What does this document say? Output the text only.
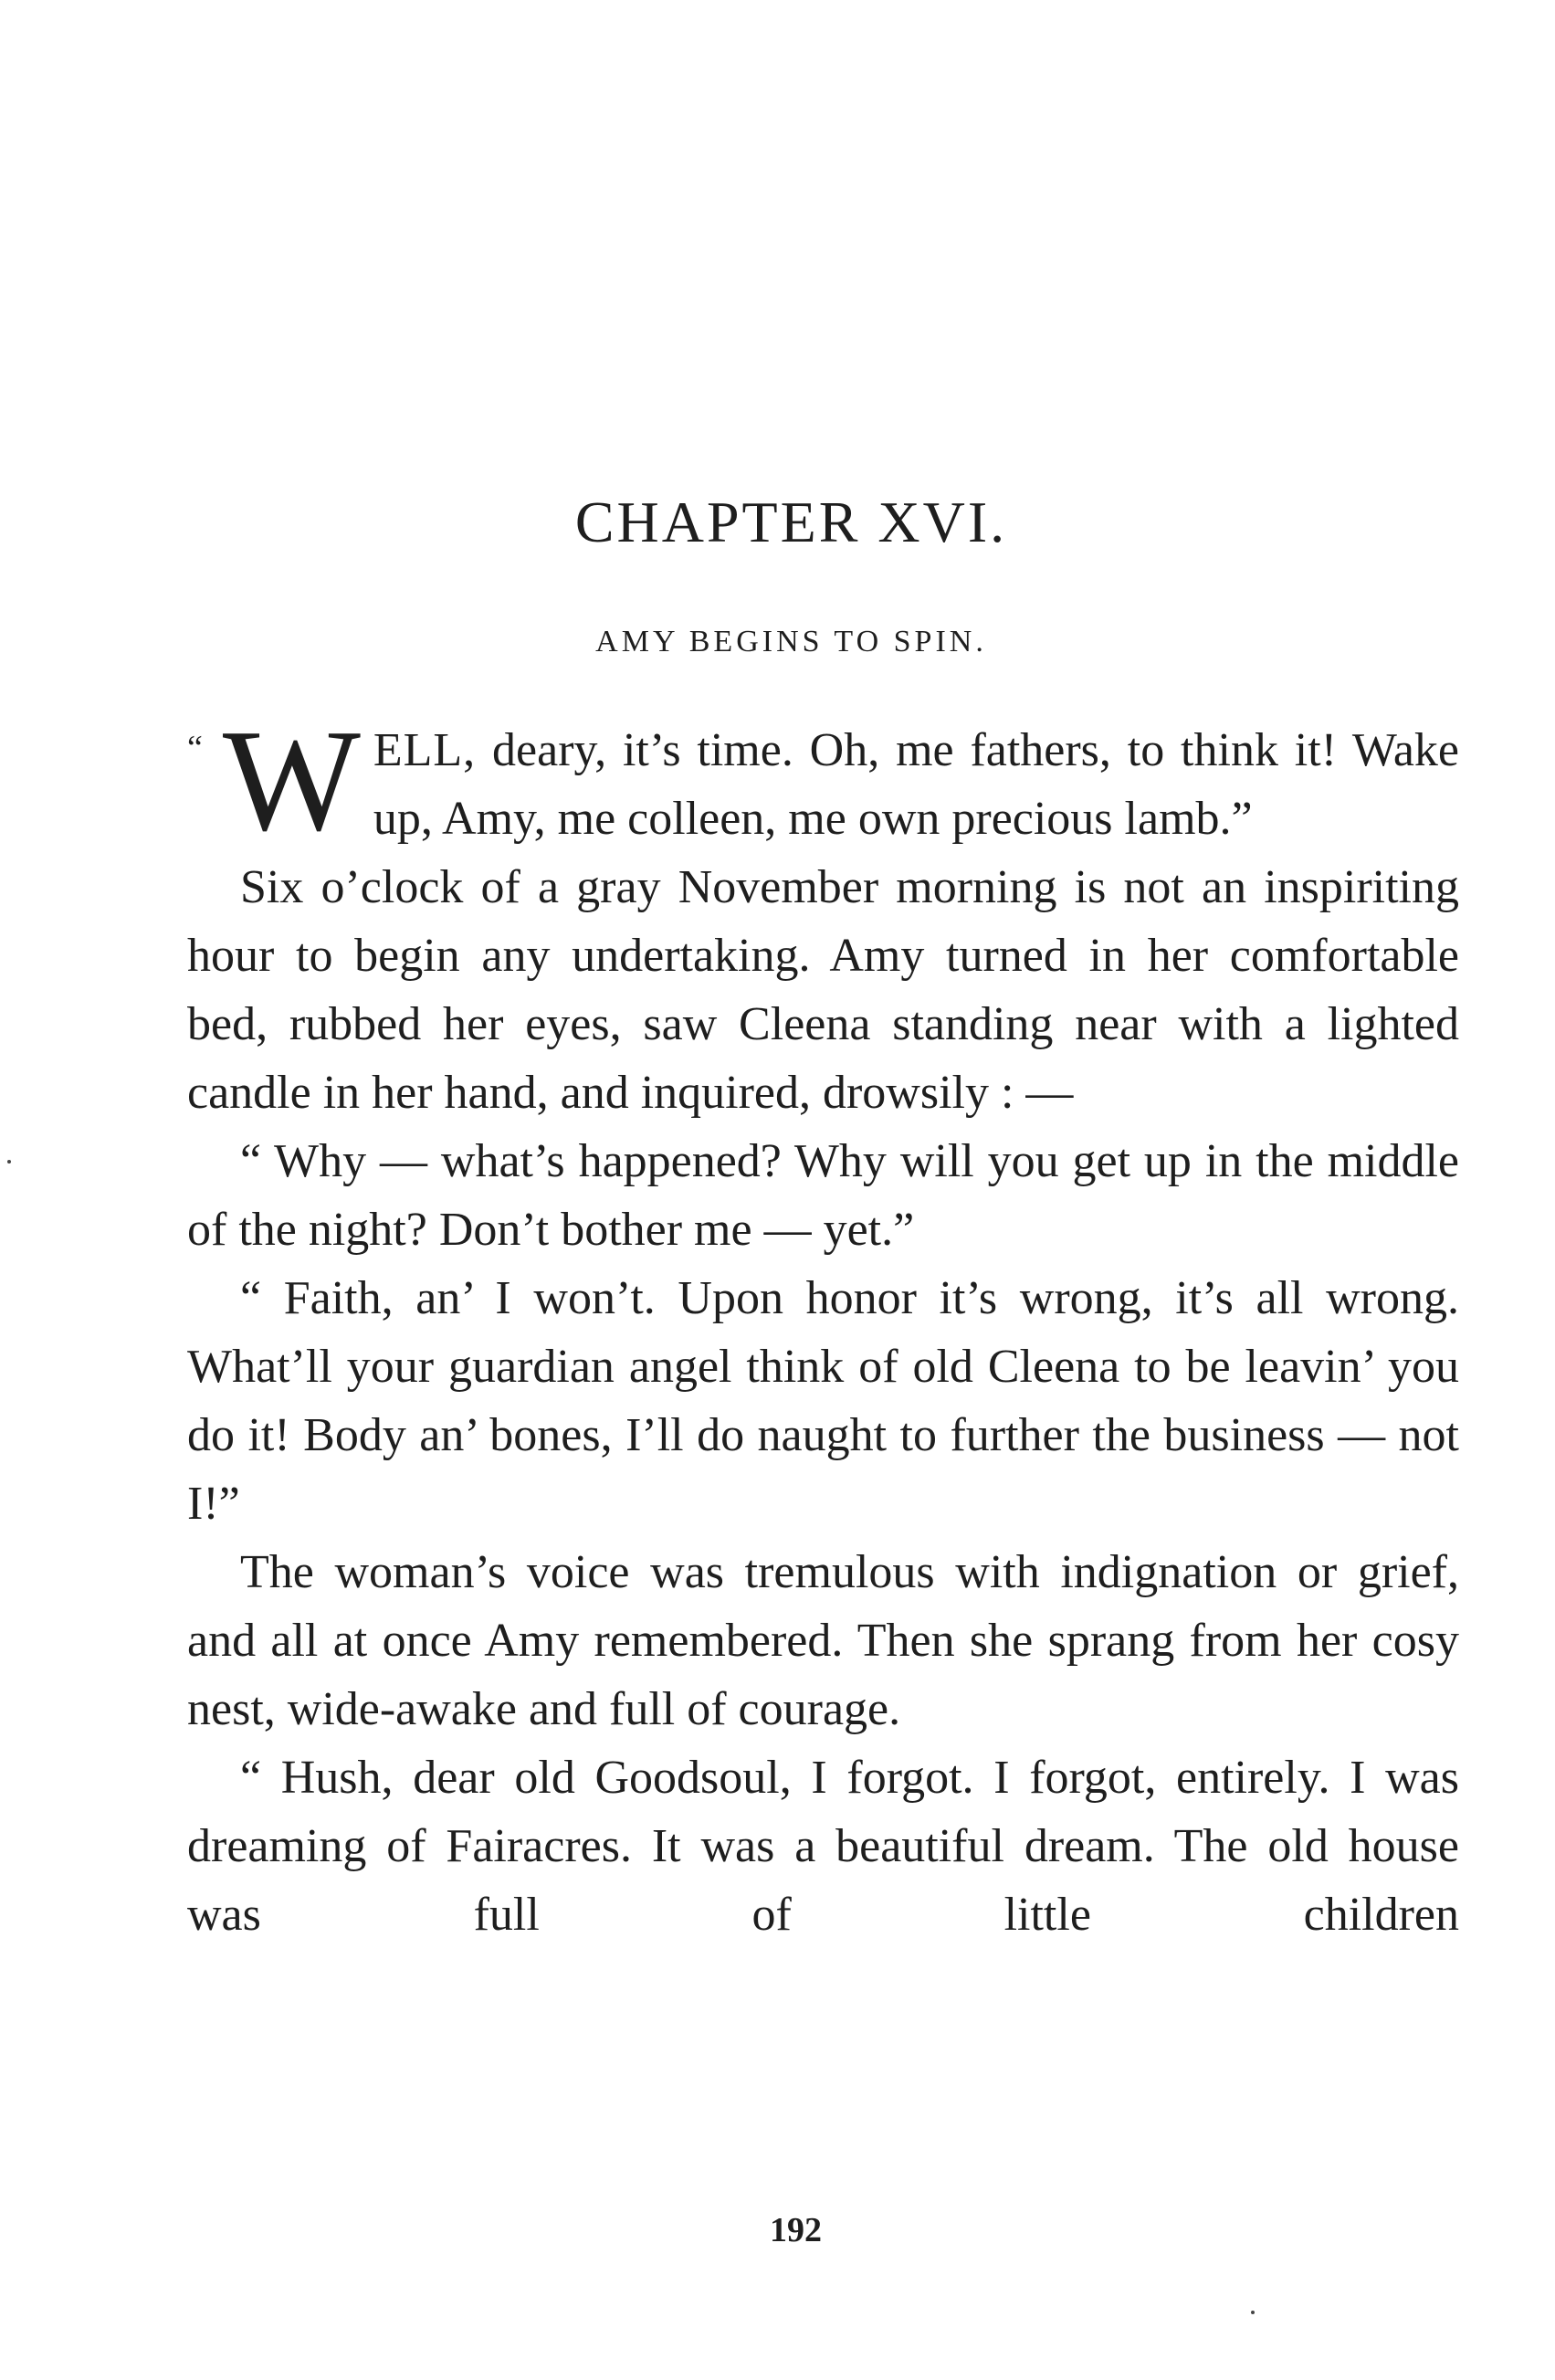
CHAPTER XVI.
AMY BEGINS TO SPIN.

“ W ELL, deary, it’s time. Oh, me fathers, to think it! Wake up, Amy, me colleen, me own precious lamb.”

Six o’clock of a gray November morning is not an inspiriting hour to begin any undertaking. Amy turned in her comfortable bed, rubbed her eyes, saw Cleena standing near with a lighted candle in her hand, and inquired, drowsily : —

“ Why — what’s happened? Why will you get up in the middle of the night? Don’t bother me — yet.”

“ Faith, an’ I won’t. Upon honor it’s wrong, it’s all wrong. What’ll your guardian angel think of old Cleena to be leavin’ you do it! Body an’ bones, I’ll do naught to further the business — not I!”

The woman’s voice was tremulous with indignation or grief, and all at once Amy remembered. Then she sprang from her cosy nest, wide-awake and full of courage.

“ Hush, dear old Goodsoul, I forgot. I forgot, entirely. I was dreaming of Fairacres. It was a beautiful dream. The old house was full of little children

192
